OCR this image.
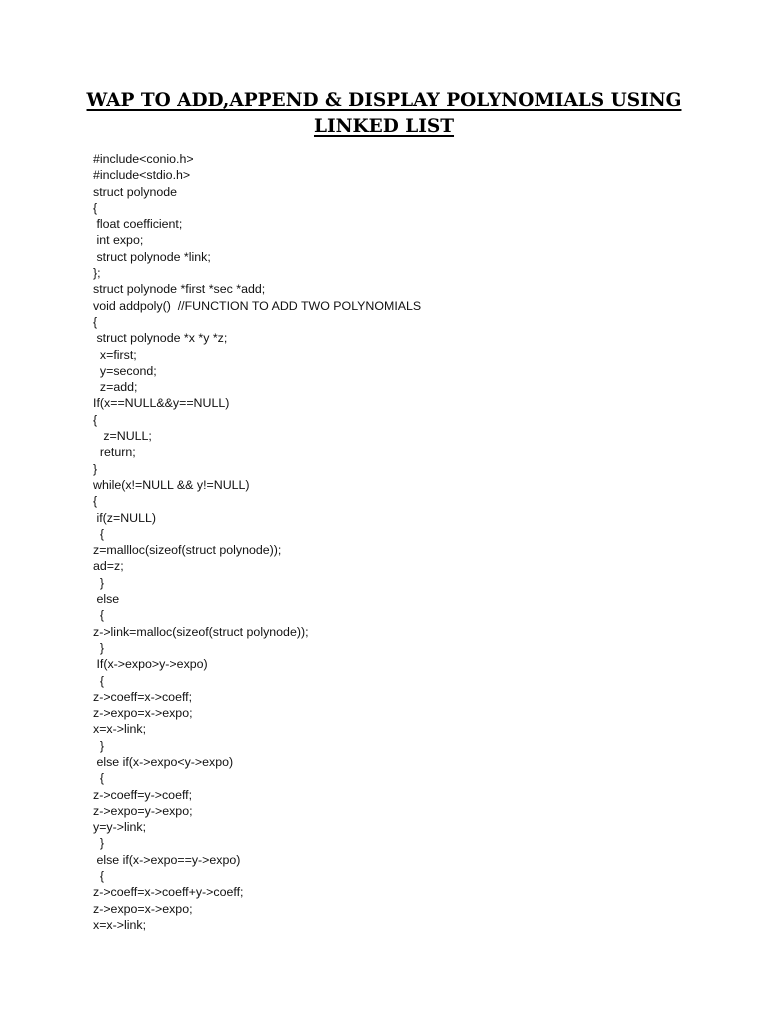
WAP TO ADD,APPEND & DISPLAY POLYNOMIALS USING
LINKED LIST
#include<conio.h>
#include<stdio.h>
struct polynode
{
float coefficient;
int expo;
struct polynode *link;
};
struct polynode *first *sec *add;
void addpoly()  //FUNCTION TO ADD TWO POLYNOMIALS
{
struct polynode *x *y *z;
x=first;
y=second;
z=add;
If(x==NULL&&y==NULL)
{
z=NULL;
return;
}
while(x!=NULL && y!=NULL)
{
if(z=NULL)
{
z=mallloc(sizeof(struct polynode));
ad=z;
}
else
{
z->link=malloc(sizeof(struct polynode));
}
If(x->expo>y->expo)
{
z->coeff=x->coeff;
z->expo=x->expo;
x=x->link;
}
else if(x->expo<y->expo)
{
z->coeff=y->coeff;
z->expo=y->expo;
y=y->link;
}
else if(x->expo==y->expo)
{
z->coeff=x->coeff+y->coeff;
z->expo=x->expo;
x=x->link;
